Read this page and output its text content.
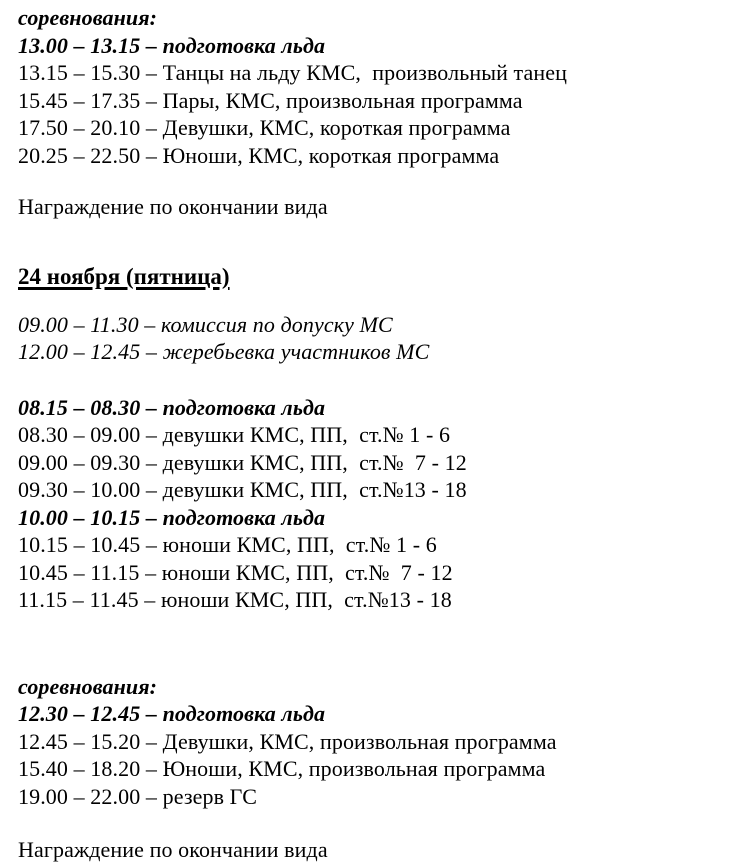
соревнования:
13.00 – 13.15 – подготовка льда
13.15 – 15.30 – Танцы на льду КМС,  произвольный танец
15.45 – 17.35 – Пары, КМС, произвольная программа
17.50 – 20.10 – Девушки, КМС, короткая программа
20.25 – 22.50 – Юноши, КМС, короткая программа
Награждение по окончании вида
24 ноября (пятница)
09.00 – 11.30 – комиссия по допуску МС
12.00 – 12.45 – жеребьевка участников МС
08.15 – 08.30 – подготовка льда
08.30 – 09.00 – девушки КМС, ПП,  ст.№ 1 - 6
09.00 – 09.30 – девушки КМС, ПП,  ст.№  7 - 12
09.30 – 10.00 – девушки КМС, ПП,  ст.№13 - 18
10.00 – 10.15 – подготовка льда
10.15 – 10.45 – юноши КМС, ПП,  ст.№ 1 - 6
10.45 – 11.15 – юноши КМС, ПП,  ст.№  7 - 12
11.15 – 11.45 – юноши КМС, ПП,  ст.№13 - 18
соревнования:
12.30 – 12.45 – подготовка льда
12.45 – 15.20 – Девушки, КМС, произвольная программа
15.40 – 18.20 – Юноши, КМС, произвольная программа
19.00 – 22.00 – резерв ГС
Награждение по окончании вида
